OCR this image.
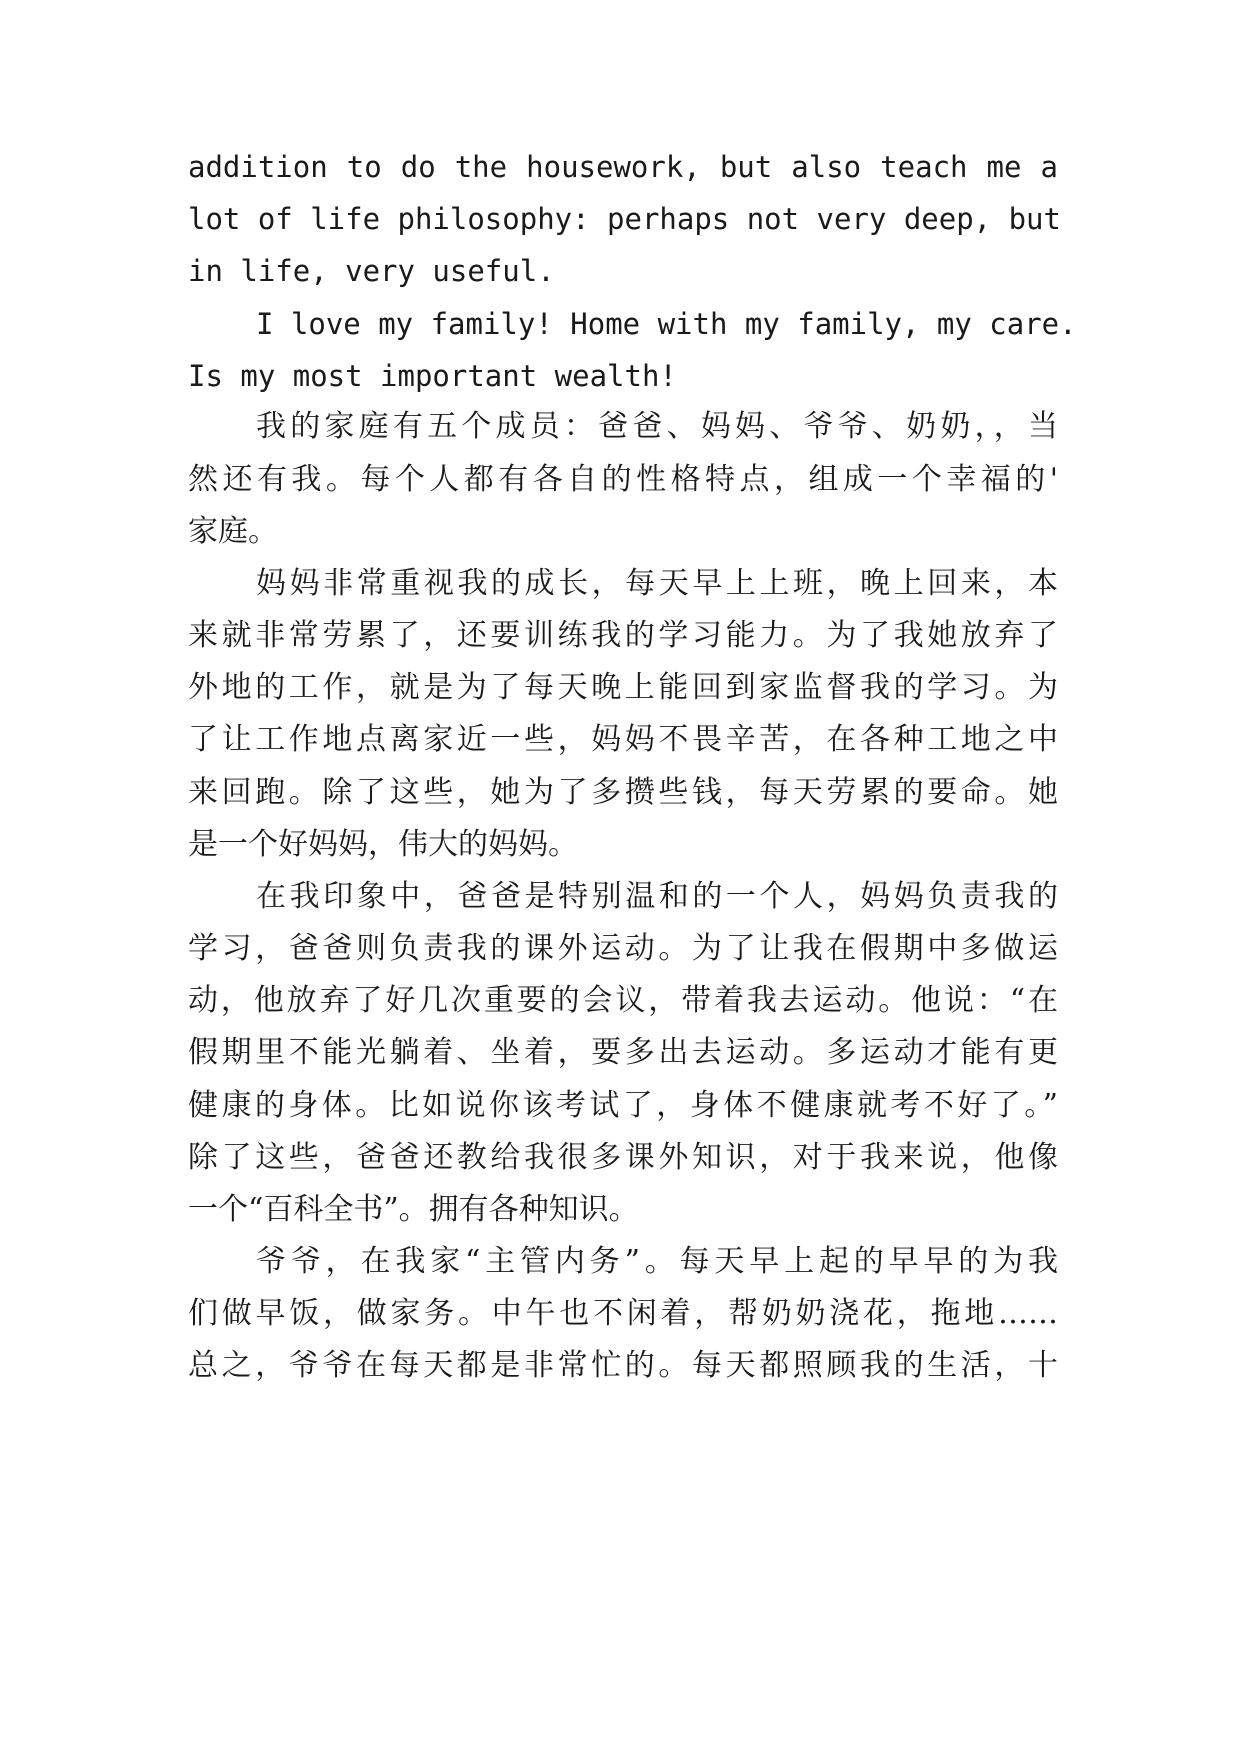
addition to do the housework, but also teach me a
lot of life philosophy: perhaps not very deep, but
in life, very useful.
I love my family! Home with my family, my care.
Is my most important wealth!
我的家庭有五个成员：爸爸、妈妈、爷爷、奶奶，，当
然还有我。每个人都有各自的性格特点，组成一个幸福的'
家庭。
妈妈非常重视我的成长，每天早上上班，晚上回来，本
来就非常劳累了，还要训练我的学习能力。为了我她放弃了
外地的工作，就是为了每天晚上能回到家监督我的学习。为
了让工作地点离家近一些，妈妈不畏辛苦，在各种工地之中
来回跑。除了这些，她为了多攒些钱，每天劳累的要命。她
是一个好妈妈，伟大的妈妈。
在我印象中，爸爸是特别温和的一个人，妈妈负责我的
学习，爸爸则负责我的课外运动。为了让我在假期中多做运
动，他放弃了好几次重要的会议，带着我去运动。他说：“在
假期里不能光躺着、坐着，要多出去运动。多运动才能有更
健康的身体。比如说你该考试了，身体不健康就考不好了。”
除了这些，爸爸还教给我很多课外知识，对于我来说，他像
一个“百科全书”。拥有各种知识。
爷爷，在我家“主管内务”。每天早上起的早早的为我
们做早饭，做家务。中午也不闲着，帮奶奶浇花，拖地……
总之，爷爷在每天都是非常忙的。每天都照顾我的生活，十
